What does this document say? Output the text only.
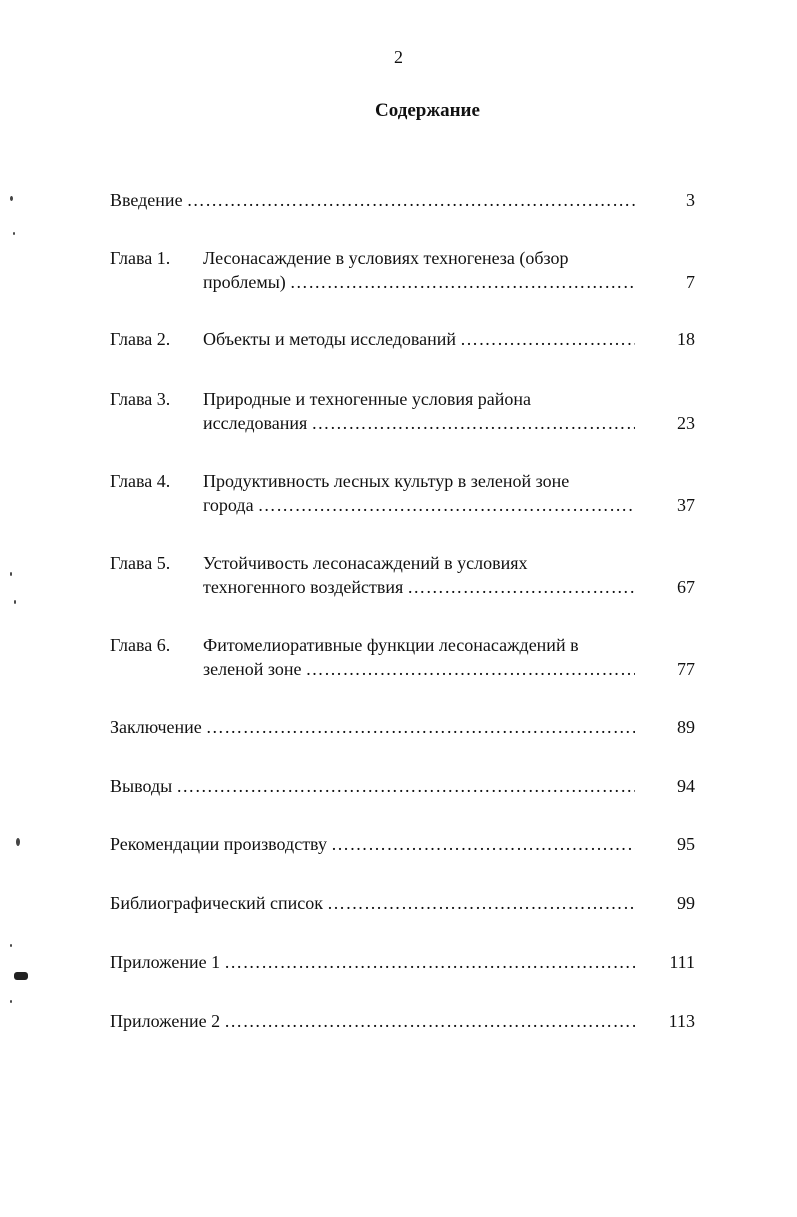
2
Содержание
Введение ………………………………………………………………………………………………………………………………	3
Глава 1.	Лесонасаждение в условиях техногенеза (обзор
проблемы) ………………………………………………………………………………………………………………………………	7
Глава 2.	Объекты и методы исследований ………………………………………………………………………………………………………………………………	18
Глава 3.	Природные и техногенные условия района
исследования ………………………………………………………………………………………………………………………………	23
Глава 4.	Продуктивность лесных культур в зеленой зоне
города ………………………………………………………………………………………………………………………………	37
Глава 5.	Устойчивость лесонасаждений в условиях
техногенного воздействия ………………………………………………………………………………………………………………………………	67
Глава 6.	Фитомелиоративные функции лесонасаждений в
зеленой зоне ………………………………………………………………………………………………………………………………	77
Заключение ………………………………………………………………………………………………………………………………	89
Выводы ………………………………………………………………………………………………………………………………	94
Рекомендации производству ………………………………………………………………………………………………………………………………	95
Библиографический список ………………………………………………………………………………………………………………………………	99
Приложение 1 ………………………………………………………………………………………………………………………………	111
Приложение 2 ………………………………………………………………………………………………………………………………	113
